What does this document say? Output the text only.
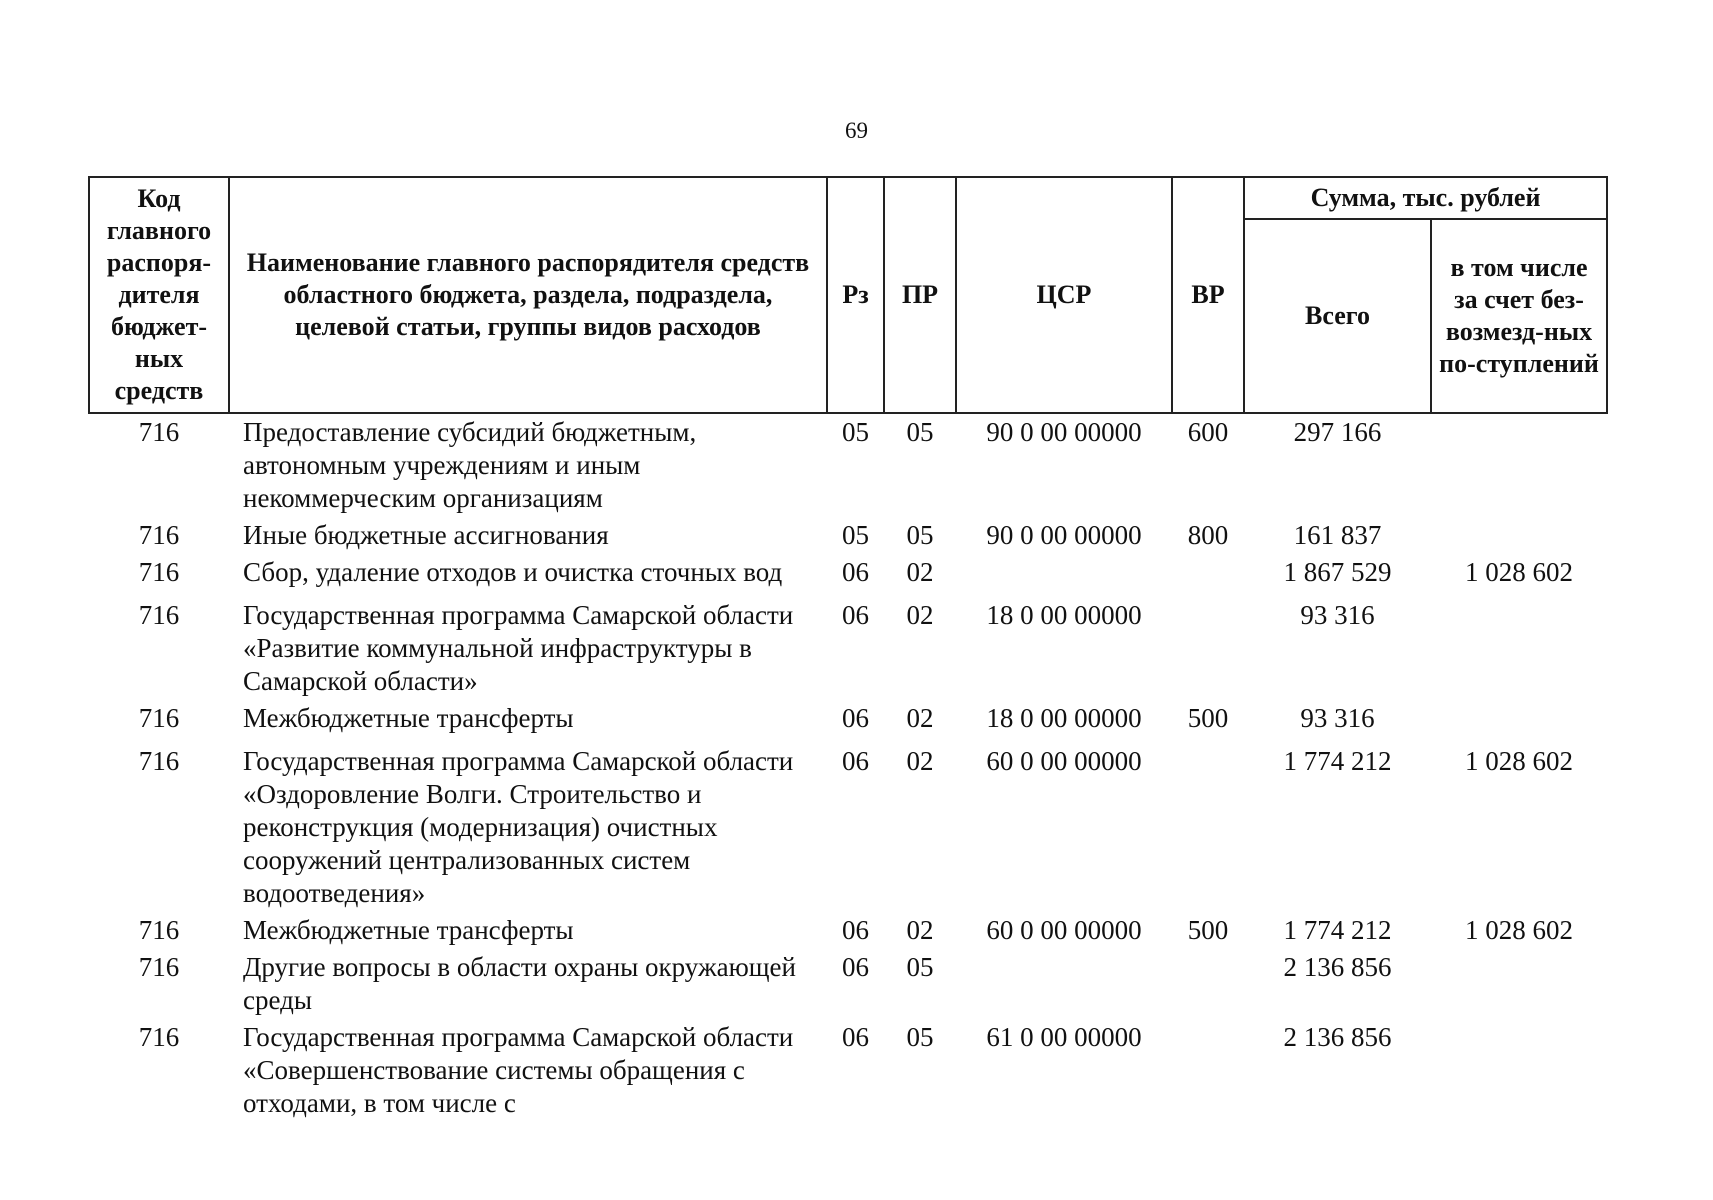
69
Код главного распоря-дителя бюджет-ных средств	Наименование главного распорядителя средств областного бюджета, раздела, подраздела, целевой статьи, группы видов расходов	Рз	ПР	ЦСР	ВР	Сумма, тыс. рублей	
						Всего	в том числе за счет без-возмезд-ных по-ступлений
716	Предоставление субсидий бюджетным, автономным учреждениям и иным некоммерческим организациям	05	05	90 0 00 00000	600	297 166	
716	Иные бюджетные ассигнования	05	05	90 0 00 00000	800	161 837	
716	Сбор, удаление отходов и очистка сточных вод	06	02			1 867 529	1 028 602
716	Государственная программа Самарской области «Развитие коммунальной инфраструктуры в Самарской области»	06	02	18 0 00 00000		93 316	
716	Межбюджетные трансферты	06	02	18 0 00 00000	500	93 316	
716	Государственная программа Самарской области «Оздоровление Волги. Строительство и реконструкция (модернизация) очистных сооружений централизованных систем водоотведения»	06	02	60 0 00 00000		1 774 212	1 028 602
716	Межбюджетные трансферты	06	02	60 0 00 00000	500	1 774 212	1 028 602
716	Другие вопросы в области охраны окружающей среды	06	05			2 136 856	
716	Государственная программа Самарской области «Совершенствование системы обращения с отходами, в том числе с	06	05	61 0 00 00000		2 136 856	
